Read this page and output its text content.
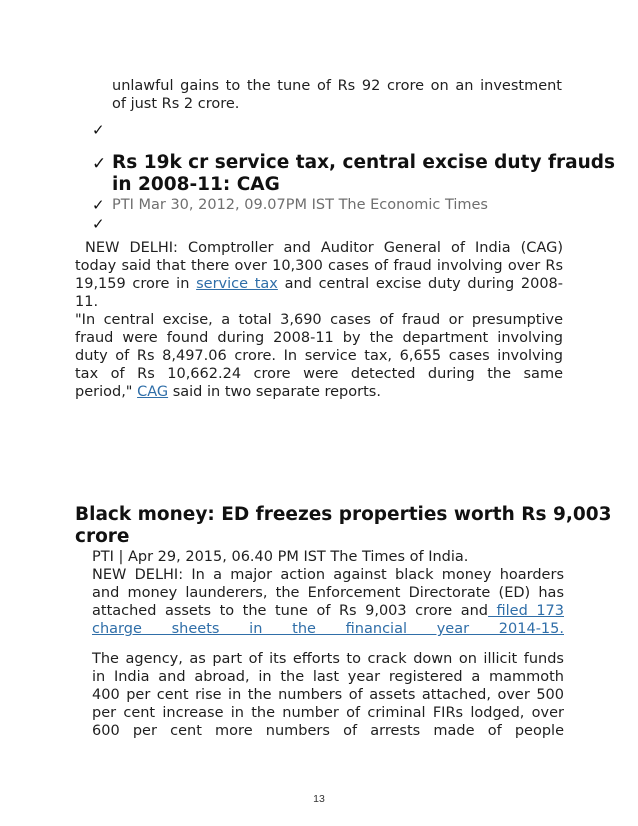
unlawful gains to the tune of Rs 92 crore on an investment
of just Rs 2 crore.
✓
✓ Rs 19k cr service tax, central excise duty frauds
in 2008-11: CAG
✓ PTI Mar 30, 2012, 09.07PM IST The Economic Times
✓
NEW DELHI: Comptroller and Auditor General of India (CAG)
today said that there over 10,300 cases of fraud involving over Rs
19,159 crore in service tax and central excise duty during 2008-
11.
"In central excise, a total 3,690 cases of fraud or presumptive
fraud were found during 2008-11 by the department involving
duty of Rs 8,497.06 crore. In service tax, 6,655 cases involving
tax of Rs 10,662.24 crore were detected during the same
period," CAG said in two separate reports.
Black money: ED freezes properties worth Rs 9,003
crore
PTI | Apr 29, 2015, 06.40 PM IST The Times of India.
NEW DELHI: In a major action against black money hoarders
and money launderers, the Enforcement Directorate (ED) has
attached assets to the tune of Rs 9,003 crore and filed 173
charge sheets in the financial year 2014-15.
The agency, as part of its efforts to crack down on illicit funds
in India and abroad, in the last year registered a mammoth
400 per cent rise in the numbers of assets attached, over 500
per cent increase in the number of criminal FIRs lodged, over
600 per cent more numbers of arrests made of people
13
